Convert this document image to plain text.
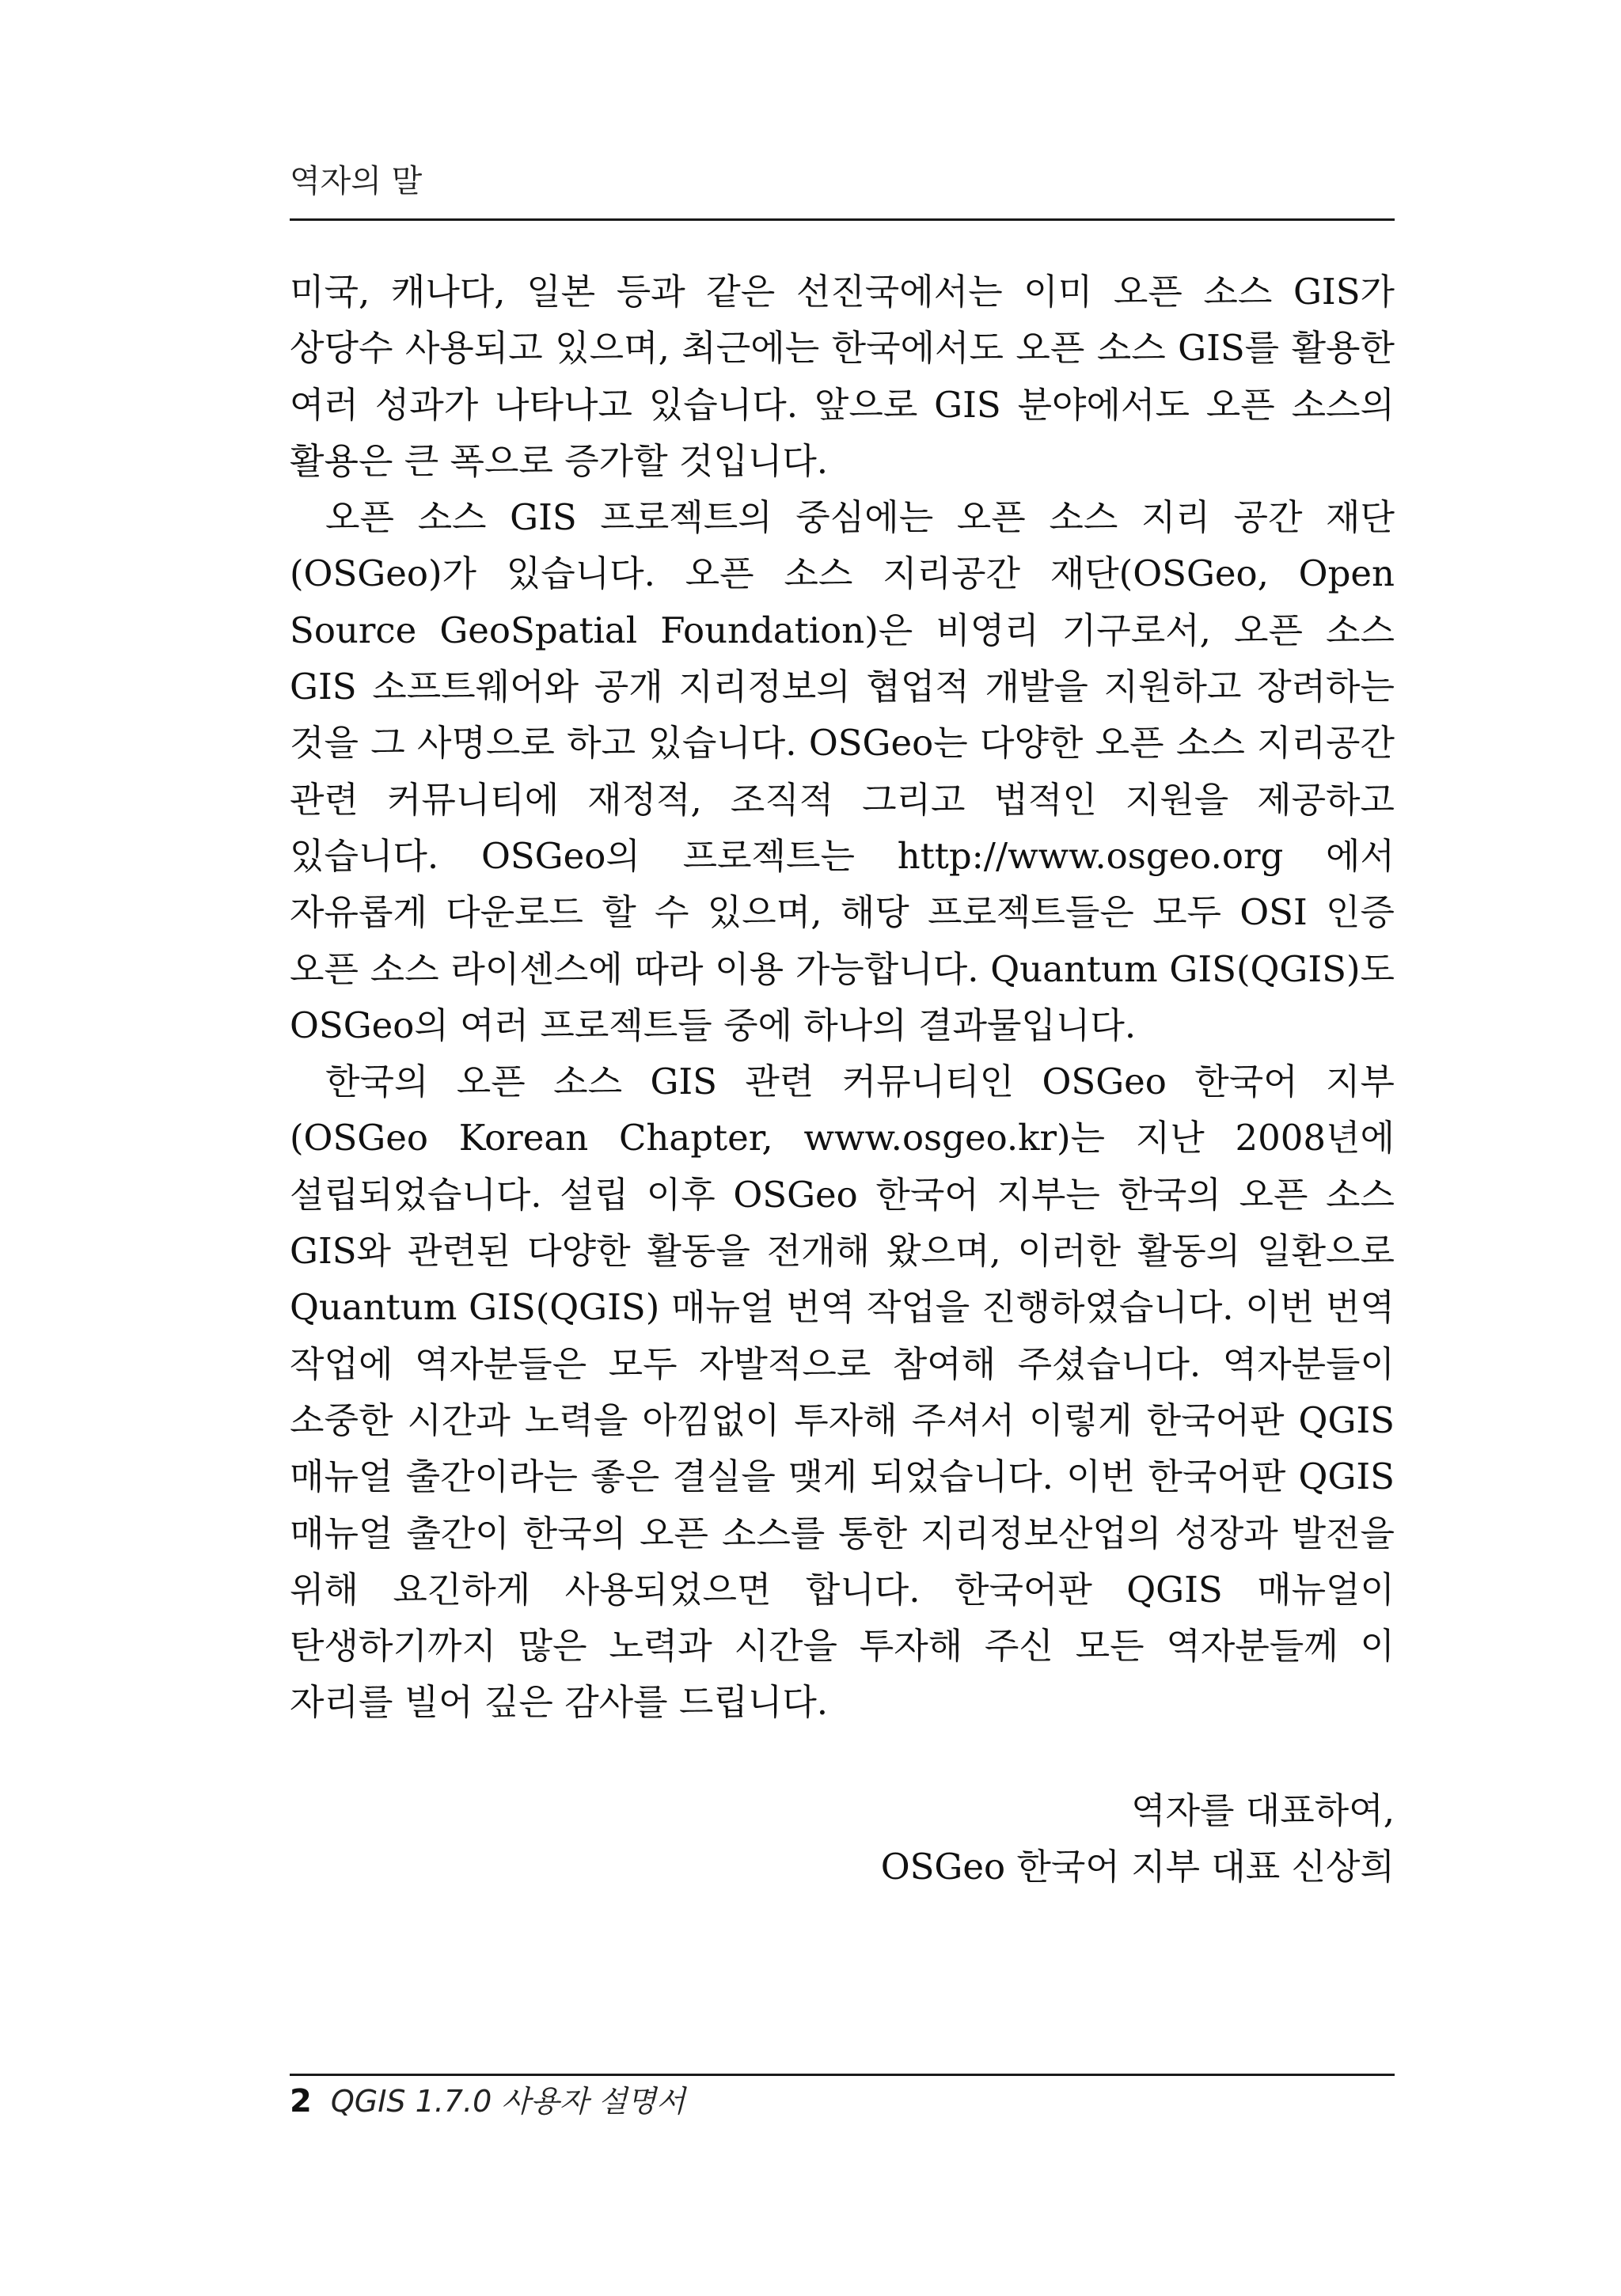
역자의 말

미국, 캐나다, 일본 등과 같은 선진국에서는 이미 오픈 소스 GIS가 상당수 사용되고 있으며, 최근에는 한국에서도 오픈 소스 GIS를 활용한 여러 성과가 나타나고 있습니다. 앞으로 GIS 분야에서도 오픈 소스의 활용은 큰 폭으로 증가할 것입니다.

오픈 소스 GIS 프로젝트의 중심에는 오픈 소스 지리 공간 재단(OSGeo)가 있습니다. 오픈 소스 지리공간 재단(OSGeo, Open Source GeoSpatial Foundation)은 비영리 기구로서, 오픈 소스 GIS 소프트웨어와 공개 지리정보의 협업적 개발을 지원하고 장려하는 것을 그 사명으로 하고 있습니다. OSGeo는 다양한 오픈 소스 지리공간 관련 커뮤니티에 재정적, 조직적 그리고 법적인 지원을 제공하고 있습니다. OSGeo의 프로젝트는 http://www.osgeo.org 에서 자유롭게 다운로드 할 수 있으며, 해당 프로젝트들은 모두 OSI 인증 오픈 소스 라이센스에 따라 이용 가능합니다. Quantum GIS(QGIS)도 OSGeo의 여러 프로젝트들 중에 하나의 결과물입니다.

한국의 오픈 소스 GIS 관련 커뮤니티인 OSGeo 한국어 지부(OSGeo Korean Chapter, www.osgeo.kr)는 지난 2008년에 설립되었습니다. 설립 이후 OSGeo 한국어 지부는 한국의 오픈 소스 GIS와 관련된 다양한 활동을 전개해 왔으며, 이러한 활동의 일환으로 Quantum GIS(QGIS) 매뉴얼 번역 작업을 진행하였습니다. 이번 번역 작업에 역자분들은 모두 자발적으로 참여해 주셨습니다. 역자분들이 소중한 시간과 노력을 아낌없이 투자해 주셔서 이렇게 한국어판 QGIS 매뉴얼 출간이라는 좋은 결실을 맺게 되었습니다. 이번 한국어판 QGIS 매뉴얼 출간이 한국의 오픈 소스를 통한 지리정보산업의 성장과 발전을 위해 요긴하게 사용되었으면 합니다. 한국어판 QGIS 매뉴얼이 탄생하기까지 많은 노력과 시간을 투자해 주신 모든 역자분들께 이 자리를 빌어 깊은 감사를 드립니다.

역자를 대표하여,
OSGeo 한국어 지부 대표 신상희
2 QGIS 1.7.0 사용자 설명서
